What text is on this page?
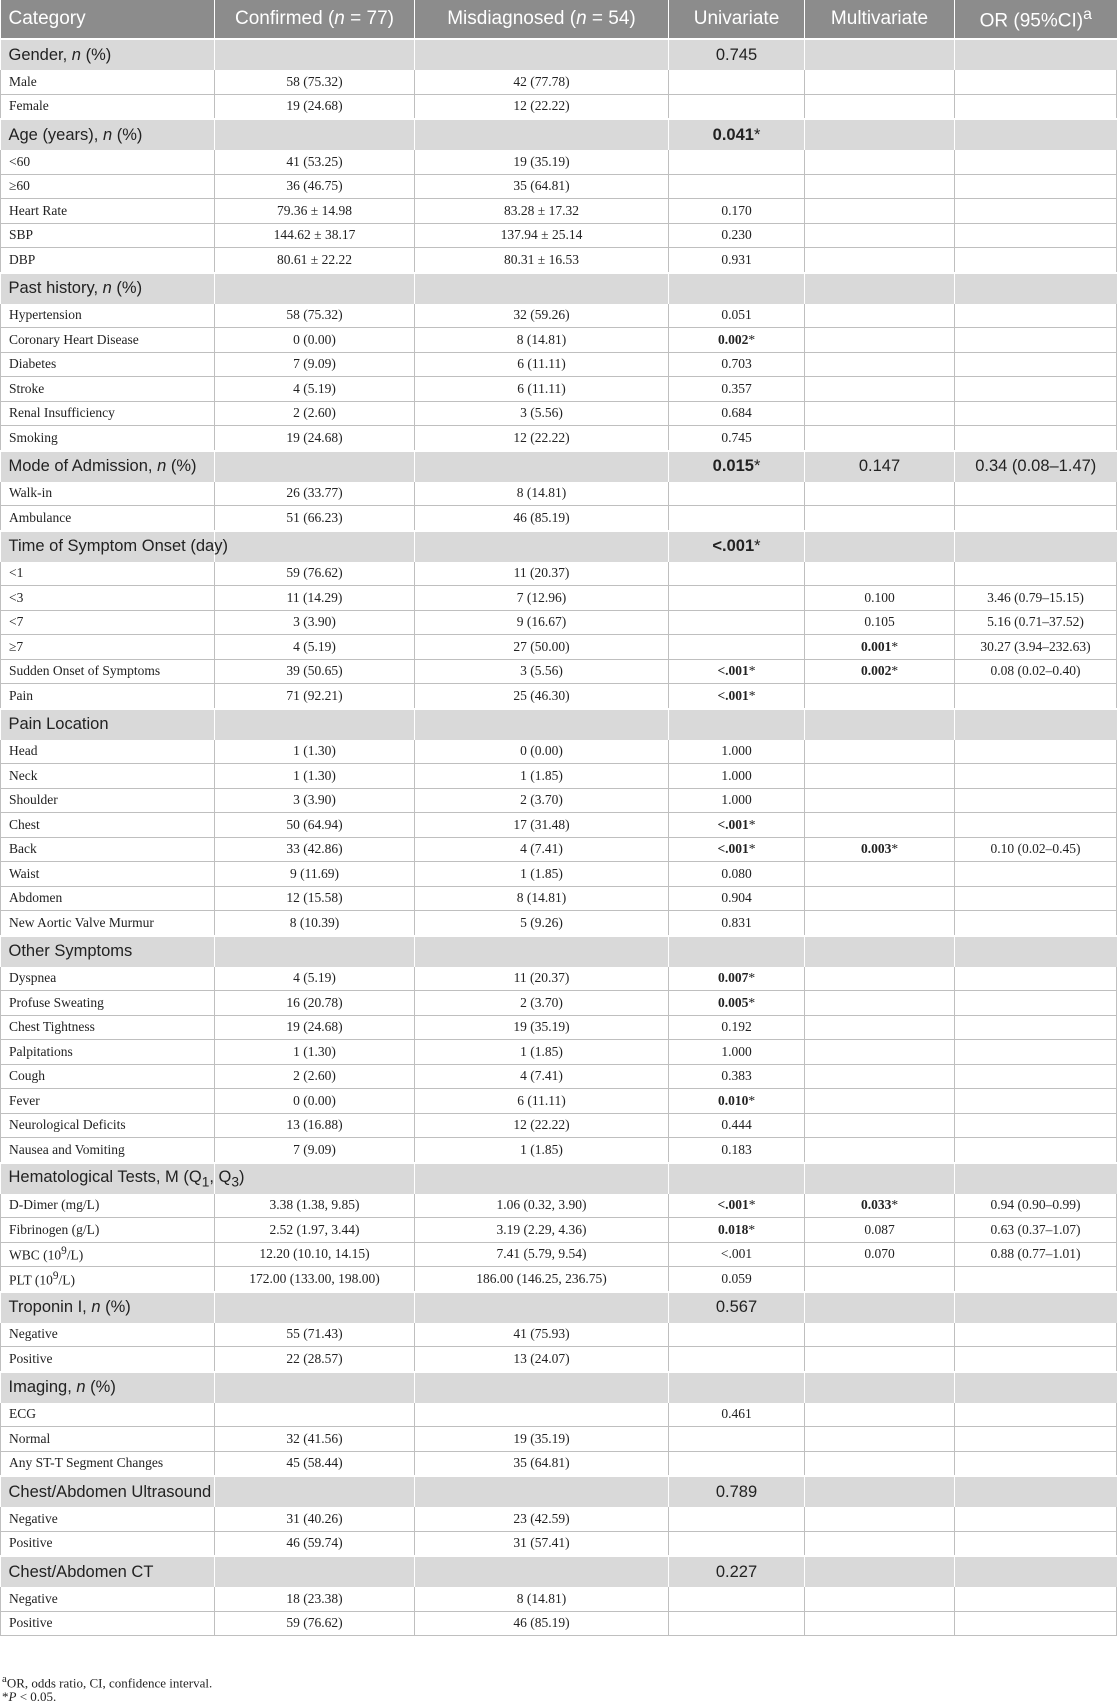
Category	Confirmed (n = 77)	Misdiagnosed (n = 54)	Univariate	Multivariate	OR $(95\%CI)^a$
Gender, n (%)			0.745		
Male	58 (75.32)	42 (77.78)			
Female	19 (24.68)	12 (22.22)			
Age (years), n (%)			0.041*		
<60	41 (53.25)	19 (35.19)			
≥60	36 (46.75)	35 (64.81)			
Heart Rate	79.36 ± 14.98	83.28 ± 17.32	0.170		
SBP	144.62 ± 38.17	137.94 ± 25.14	0.230		
DBP	80.61 ± 22.22	80.31 ± 16.53	0.931		
Past history, n (%)					
Hypertension	58 (75.32)	32 (59.26)	0.051		
Coronary Heart Disease	0 (0.00)	8 (14.81)	0.002*		
Diabetes	7 (9.09)	6 (11.11)	0.703		
Stroke	4 (5.19)	6 (11.11)	0.357		
Renal Insufficiency	2 (2.60)	3 (5.56)	0.684		
Smoking	19 (24.68)	12 (22.22)	0.745		
Mode of Admission, n (%)			0.015*	0.147	0.34 (0.08–1.47)
Walk-in	26 (33.77)	8 (14.81)			
Ambulance	51 (66.23)	46 (85.19)			
Time of Symptom Onset (day)			<.001*		
<1	59 (76.62)	11 (20.37)			
<3	11 (14.29)	7 (12.96)		0.100	3.46 (0.79–15.15)
<7	3 (3.90)	9 (16.67)		0.105	5.16 (0.71–37.52)
≥7	4 (5.19)	27 (50.00)		0.001*	30.27 (3.94–232.63)
Sudden Onset of Symptoms	39 (50.65)	3 (5.56)	<.001*	0.002*	0.08 (0.02–0.40)
Pain	71 (92.21)	25 (46.30)	<.001*		
Pain Location					
Head	1 (1.30)	0 (0.00)	1.000		
Neck	1 (1.30)	1 (1.85)	1.000		
Shoulder	3 (3.90)	2 (3.70)	1.000		
Chest	50 (64.94)	17 (31.48)	<.001*		
Back	33 (42.86)	4 (7.41)	<.001*	0.003*	0.10 (0.02–0.45)
Waist	9 (11.69)	1 (1.85)	0.080		
Abdomen	12 (15.58)	8 (14.81)	0.904		
New Aortic Valve Murmur	8 (10.39)	5 (9.26)	0.831		
Other Symptoms					
Dyspnea	4 (5.19)	11 (20.37)	0.007*		
Profuse Sweating	16 (20.78)	2 (3.70)	0.005*		
Chest Tightness	19 (24.68)	19 (35.19)	0.192		
Palpitations	1 (1.30)	1 (1.85)	1.000		
Cough	2 (2.60)	4 (7.41)	0.383		
Fever	0 (0.00)	6 (11.11)	0.010*		
Neurological Deficits	13 (16.88)	12 (22.22)	0.444		
Nausea and Vomiting	7 (9.09)	1 (1.85)	0.183		
Hematological Tests, M ($Q_1$, $Q_3$					
D-Dimer (mg/L)	3.38 (1.38, 9.85)	1.06 (0.32, 3.90)	<.001*	0.033*	0.94 (0.90–0.99)
Fibrinogen (g/L)	2.52 (1.97, 3.44)	3.19 (2.29, 4.36)	0.018*	0.087	0.63 (0.37–1.07)
WBC $(10^9/L)$	12.20 (10.10, 14.15)	7.41 (5.79, 9.54)	<.001	0.070	0.88 (0.77–1.01)
PLT $(10^9/L)$	172.00 (133.00, 198.00)	186.00 (146.25, 236.75)	0.059		
Troponin I, n (%)			0.567		
Negative	55 (71.43)	41 (75.93)			
Positive	22 (28.57)	13 (24.07)			
Imaging, n (%)					
ECG			0.461		
Normal	32 (41.56)	19 (35.19)			
Any ST-T Segment Changes	45 (58.44)	35 (64.81)			
Chest/Abdomen Ultrasound			0.789		
Negative	31 (40.26)	23 (42.59)			
Positive	46 (59.74)	31 (57.41)			
Chest/Abdomen CT			0.227		
Negative	18 (23.38)	8 (14.81)			
Positive	59 (76.62)	46 (85.19)			
$^a$OR, odds ratio, CI, confidence interval.
*P < 0.05.
